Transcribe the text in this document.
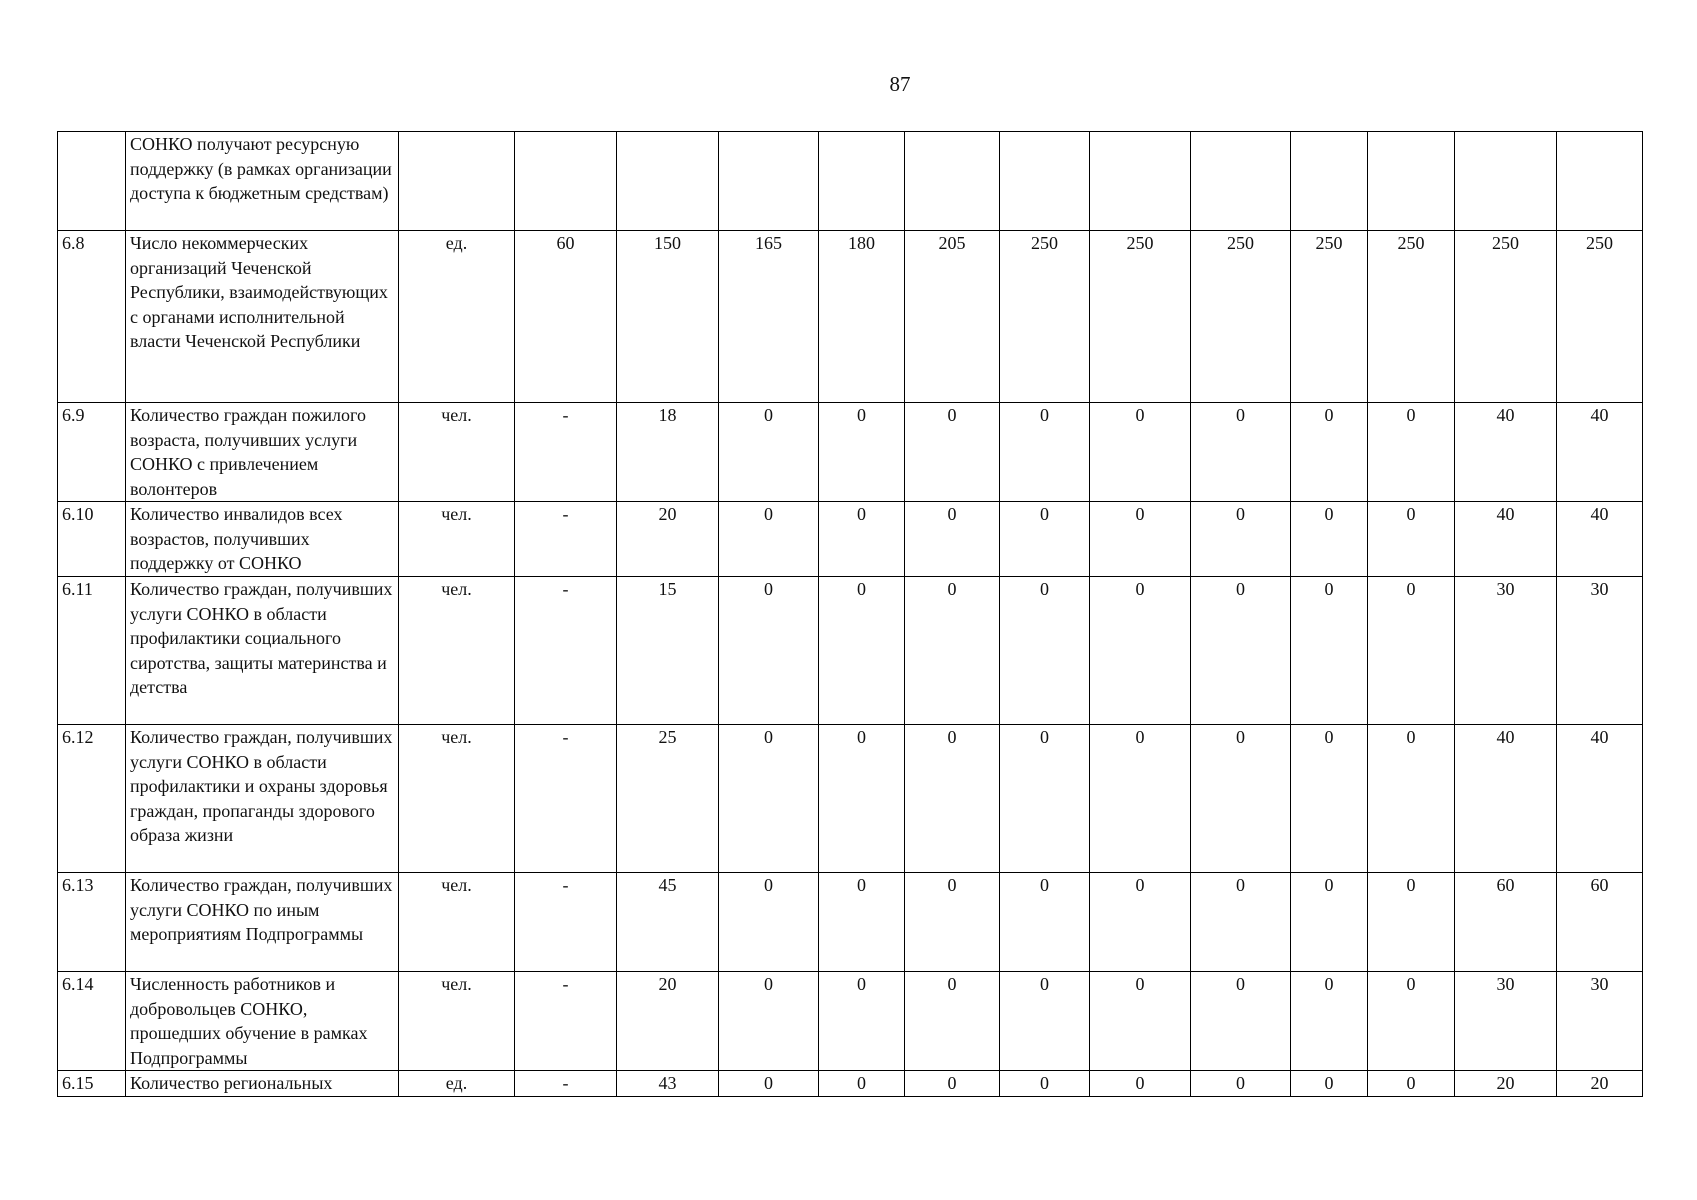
87
	СОНКО получают ресурсную поддержку (в рамках организации доступа к бюджетным средствам)													
6.8	Число некоммерческих организаций Чеченской Республики, взаимодействующих с органами исполнительной власти Чеченской Республики	ед.	60	150	165	180	205	250	250	250	250	250	250	250
6.9	Количество граждан пожилого возраста, получивших услуги СОНКО с привлечением волонтеров	чел.	-	18	0	0	0	0	0	0	0	0	40	40
6.10	Количество инвалидов всех возрастов, получивших поддержку от СОНКО	чел.	-	20	0	0	0	0	0	0	0	0	40	40
6.11	Количество граждан, получивших услуги СОНКО в области профилактики социального сиротства, защиты материнства и детства	чел.	-	15	0	0	0	0	0	0	0	0	30	30
6.12	Количество граждан, получивших услуги СОНКО в области профилактики и охраны здоровья граждан, пропаганды здорового образа жизни	чел.	-	25	0	0	0	0	0	0	0	0	40	40
6.13	Количество граждан, получивших услуги СОНКО по иным мероприятиям Подпрограммы	чел.	-	45	0	0	0	0	0	0	0	0	60	60
6.14	Численность работников и добровольцев СОНКО, прошедших обучение в рамках Подпрограммы	чел.	-	20	0	0	0	0	0	0	0	0	30	30
6.15	Количество региональных	ед.	-	43	0	0	0	0	0	0	0	0	20	20
